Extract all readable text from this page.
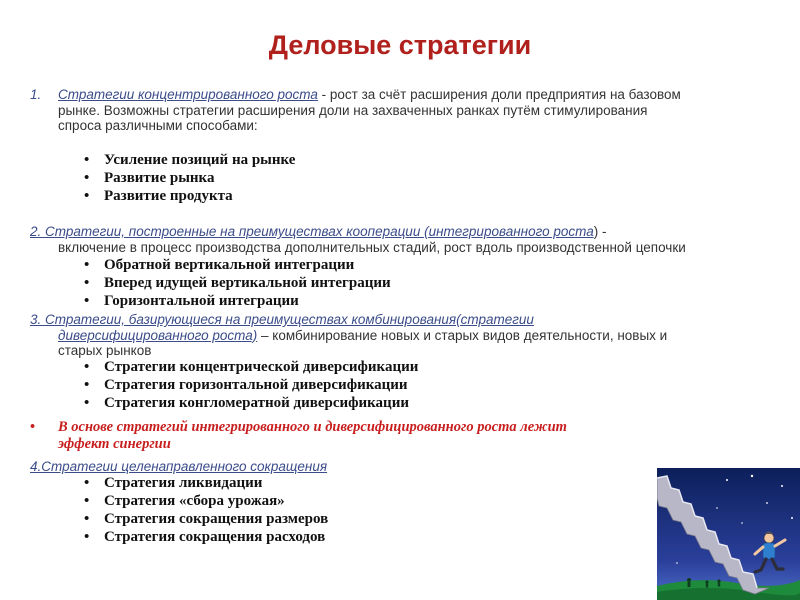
Деловые стратегии
1. Стратегии концентрированного роста - рост за счёт расширения доли предприятия на базовом
рынке. Возможны стратегии расширения доли на захваченных ранках путём стимулирования
спроса различными способами:
• Усиление позиций на рынке
• Развитие рынка
• Развитие продукта
2. Стратегии, построенные на преимуществах кооперации (интегрированного роста) -
включение в процесс производства дополнительных стадий, рост вдоль производственной цепочки
• Обратной вертикальной интеграции
• Вперед идущей вертикальной интеграции
• Горизонтальной интеграции
3. Стратегии, базирующиеся на преимуществах комбинирования(стратегии
диверсифицированного роста) – комбинирование новых и старых видов деятельности, новых и
старых рынков
• Стратегии концентрической диверсификации
• Стратегия горизонтальной диверсификации
• Стратегия конгломератной диверсификации
•	В основе стратегий интегрированного и диверсифицированного роста лежит
эффект синергии
4.Стратегии целенаправленного сокращения
• Стратегия ликвидации
• Стратегия «сбора урожая»
• Стратегия сокращения размеров
• Стратегия сокращения расходов
